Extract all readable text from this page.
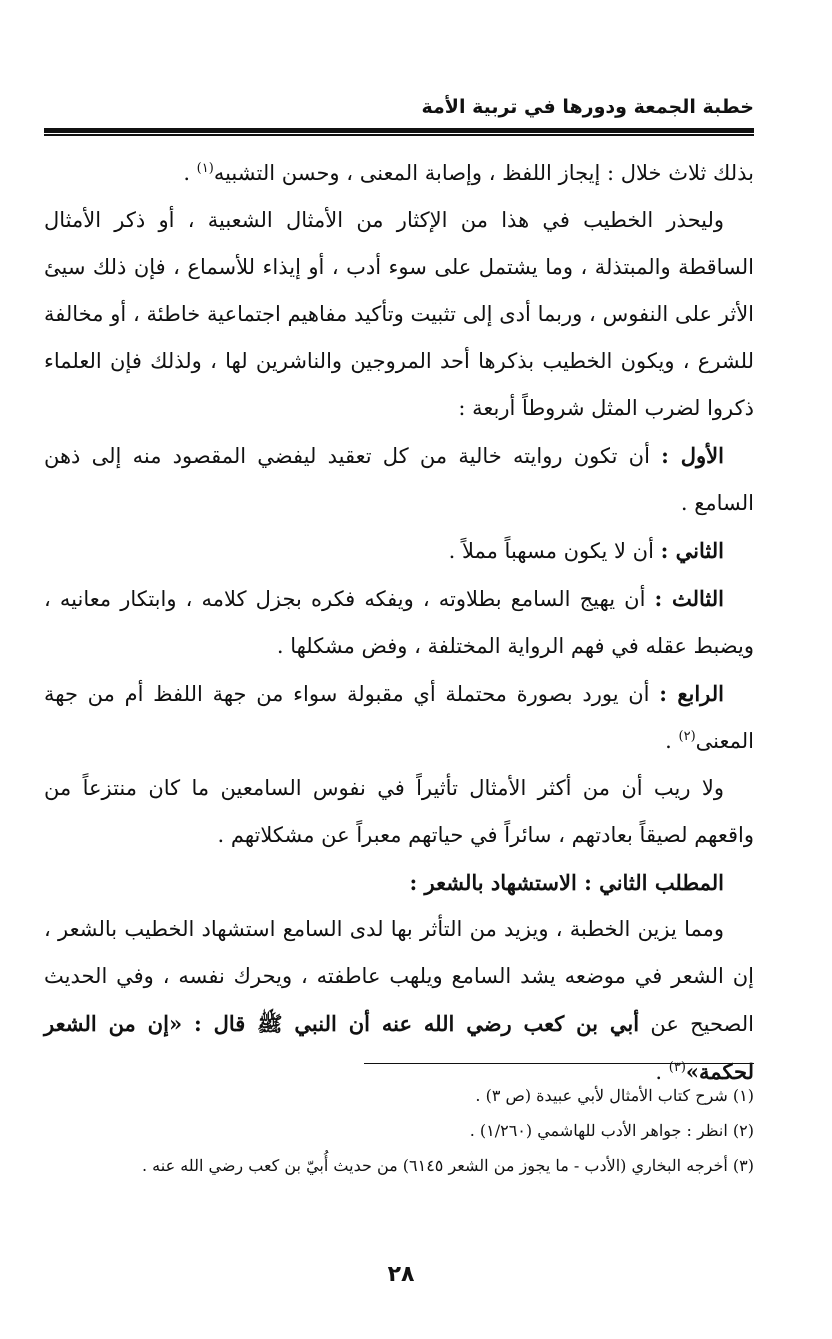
خطبة الجمعة ودورها في تربية الأمة

بذلك ثلاث خلال : إيجاز اللفظ ، وإصابة المعنى ، وحسن التشبيه$^{(١)}$ .

وليحذر الخطيب في هذا من الإكثار من الأمثال الشعبية ، أو ذكر الأمثال الساقطة والمبتذلة ، وما يشتمل على سوء أدب ، أو إيذاء للأسماع ، فإن ذلك سيئ الأثر على النفوس ، وربما أدى إلى تثبيت وتأكيد مفاهيم اجتماعية خاطئة ، أو مخالفة للشرع ، ويكون الخطيب بذكرها أحد المروجين والناشرين لها ، ولذلك فإن العلماء ذكروا لضرب المثل شروطاً أربعة :

الأول : أن تكون روايته خالية من كل تعقيد ليفضي المقصود منه إلى ذهن السامع .

الثاني : أن لا يكون مسهباً مملاً .

الثالث : أن يهيج السامع بطلاوته ، ويفكه فكره بجزل كلامه ، وابتكار معانيه ، ويضبط عقله في فهم الرواية المختلفة ، وفض مشكلها .

الرابع : أن يورد بصورة محتملة أي مقبولة سواء من جهة اللفظ أم من جهة المعنى$^{(٢)}$ .

ولا ريب أن من أكثر الأمثال تأثيراً في نفوس السامعين ما كان منتزعاً من واقعهم لصيقاً بعادتهم ، سائراً في حياتهم معبراً عن مشكلاتهم .

المطلب الثاني : الاستشهاد بالشعر :

ومما يزين الخطبة ، ويزيد من التأثر بها لدى السامع استشهاد الخطيب بالشعر ، إن الشعر في موضعه يشد السامع ويلهب عاطفته ، ويحرك نفسه ، وفي الحديث الصحيح عن أبي بن كعب رضي الله عنه أن النبي ﷺ قال : «إن من الشعر لحكمة»$^{(٣)}$ .

(١) شرح كتاب الأمثال لأبي عبيدة (ص ٣) .

(٢) انظر : جواهر الأدب للهاشمي (١/٢٦٠) .

(٣) أخرجه البخاري (الأدب - ما يجوز من الشعر ٦١٤٥) من حديث أُبيّ بن كعب رضي الله عنه .

٢٨
